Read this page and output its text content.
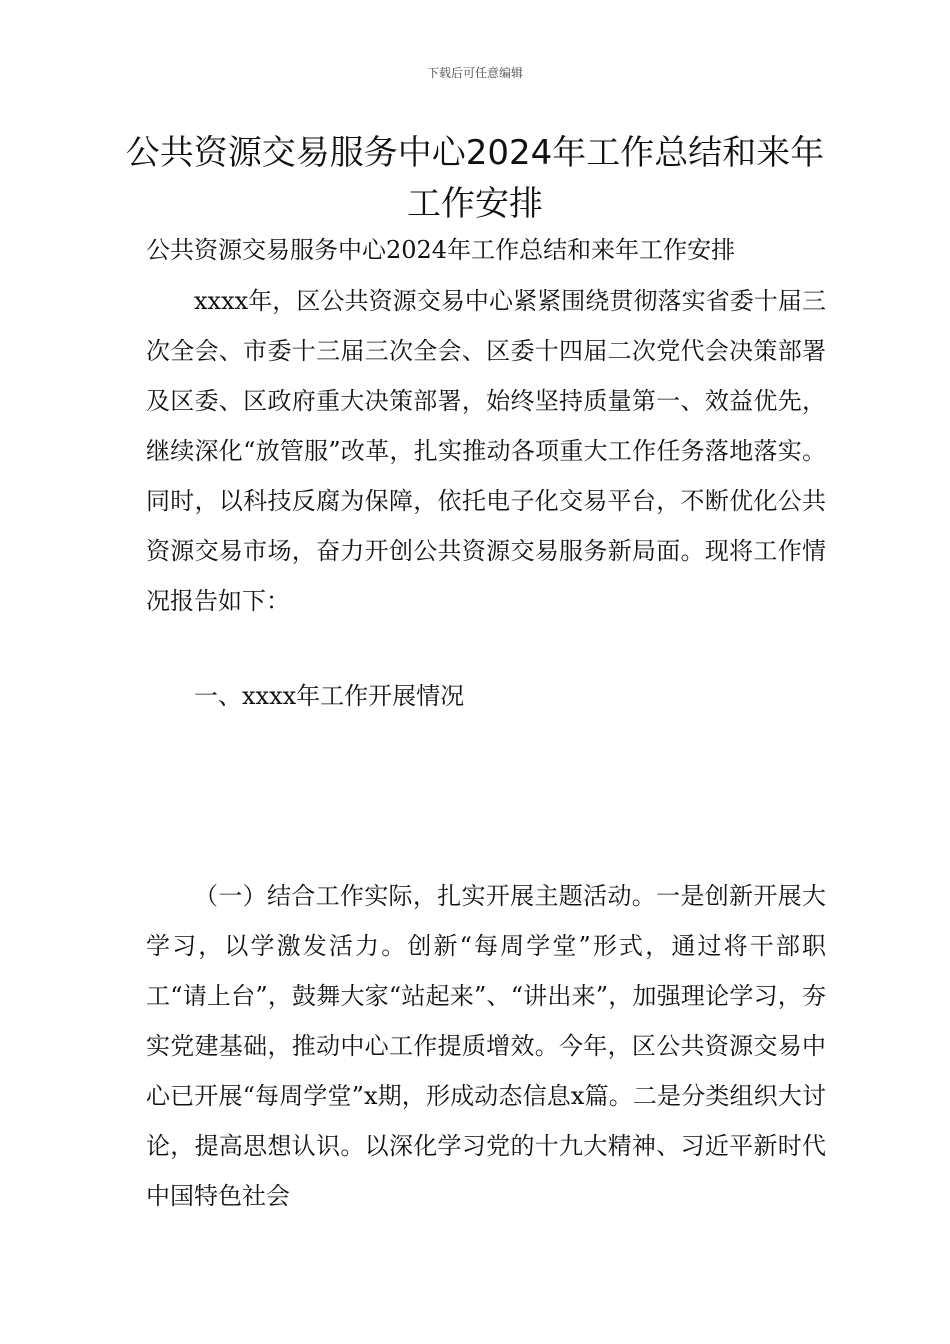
下载后可任意编辑
公共资源交易服务中心2024年工作总结和来年工作安排
公共资源交易服务中心2024年工作总结和来年工作安排

xxxx年，区公共资源交易中心紧紧围绕贯彻落实省委十届三次全会、市委十三届三次全会、区委十四届二次党代会决策部署及区委、区政府重大决策部署，始终坚持质量第一、效益优先，继续深化“放管服”改革，扎实推动各项重大工作任务落地落实。同时，以科技反腐为保障，依托电子化交易平台，不断优化公共资源交易市场，奋力开创公共资源交易服务新局面。现将工作情况报告如下：

一、xxxx年工作开展情况

（一）结合工作实际，扎实开展主题活动。一是创新开展大学习，以学激发活力。创新“每周学堂”形式，通过将干部职工“请上台”，鼓舞大家“站起来”、“讲出来”，加强理论学习，夯实党建基础，推动中心工作提质增效。今年，区公共资源交易中心已开展“每周学堂”x期，形成动态信息x篇。二是分类组织大讨论，提高思想认识。以深化学习党的十九大精神、习近平新时代中国特色社会
